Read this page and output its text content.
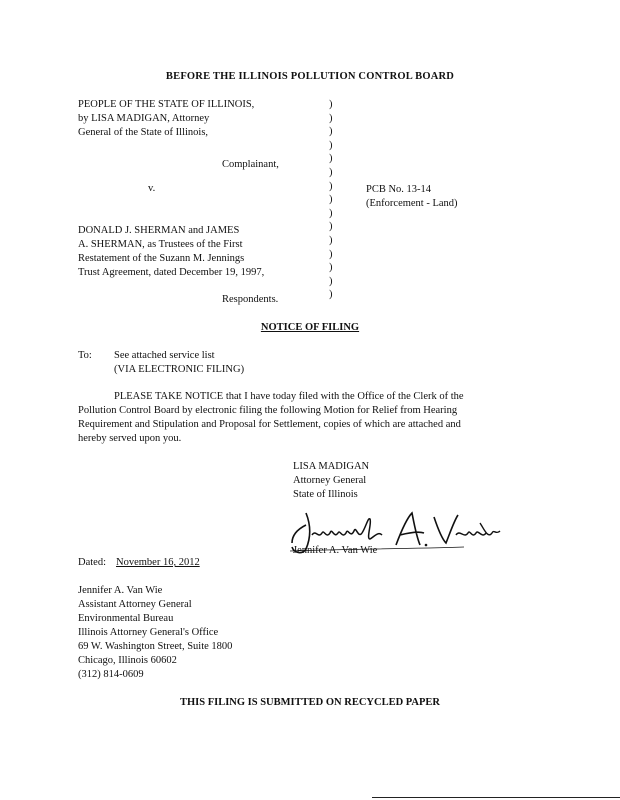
BEFORE THE ILLINOIS POLLUTION CONTROL BOARD
PEOPLE OF THE STATE OF ILLINOIS,
by LISA MADIGAN, Attorney
General of the State of Illinois,
Complainant,
v.	PCB No. 13-14
(Enforcement - Land)
DONALD J. SHERMAN and JAMES
A. SHERMAN, as Trustees of the First
Restatement of the Suzann M. Jennings
Trust Agreement, dated December 19, 1997,
Respondents.
)
)
)
)
)
)
)
)
)
)
)
)
)
)
)
NOTICE OF FILING
To: See attached service list
(VIA ELECTRONIC FILING)
PLEASE TAKE NOTICE that I have today filed with the Office of the Clerk of the
Pollution Control Board by electronic filing the following Motion for Relief from Hearing
Requirement and Stipulation and Proposal for Settlement, copies of which are attached and
hereby served upon you.
LISA MADIGAN
Attorney General
State of Illinois
Jennifer A. Van Wie
Dated: November 16, 2012
Jennifer A. Van Wie
Assistant Attorney General
Environmental Bureau
Illinois Attorney General's Office
69 W. Washington Street, Suite 1800
Chicago, Illinois 60602
(312) 814-0609
THIS FILING IS SUBMITTED ON RECYCLED PAPER
